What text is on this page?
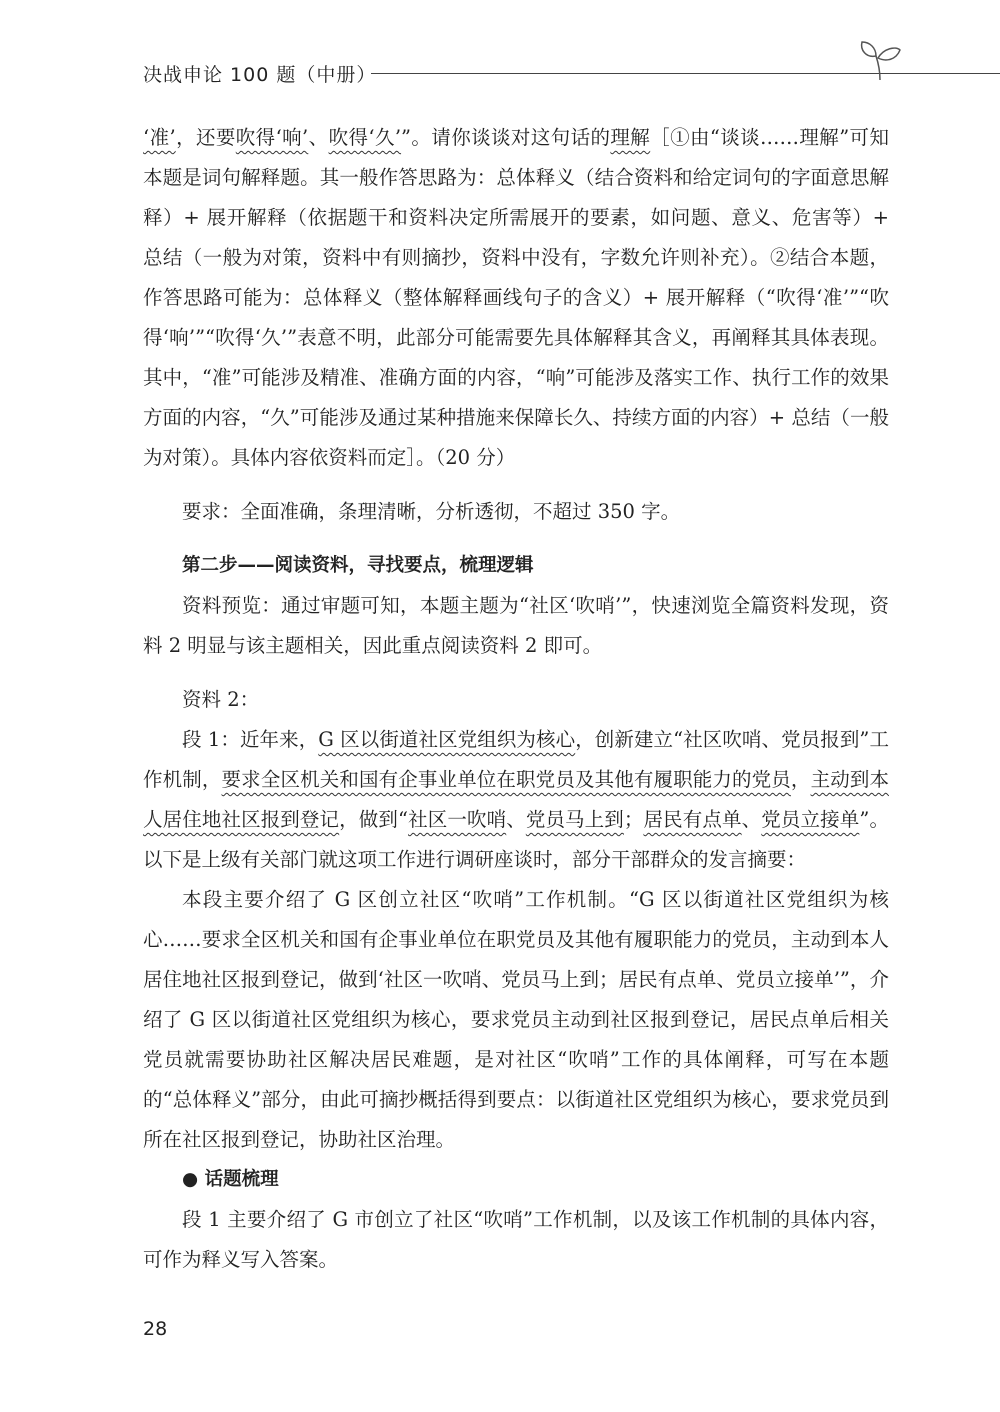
决战申论 100 题（中册）

‘准’，还要吹得‘响’、吹得‘久’”。请你谈谈对这句话的理解［①由“谈谈……理解”可知本题是词句解释题。其一般作答思路为：总体释义（结合资料和给定词句的字面意思解释）+ 展开解释（依据题干和资料决定所需展开的要素，如问题、意义、危害等）+ 总结（一般为对策，资料中有则摘抄，资料中没有，字数允许则补充）。②结合本题，作答思路可能为：总体释义（整体解释画线句子的含义）+ 展开解释（“吹得‘准’”“吹得‘响’”“吹得‘久’”表意不明，此部分可能需要先具体解释其含义，再阐释其具体表现。其中，“准”可能涉及精准、准确方面的内容，“响”可能涉及落实工作、执行工作的效果方面的内容，“久”可能涉及通过某种措施来保障长久、持续方面的内容）+ 总结（一般为对策）。具体内容依资料而定］。（20 分）

要求：全面准确，条理清晰，分析透彻，不超过 350 字。

第二步——阅读资料，寻找要点，梳理逻辑

资料预览：通过审题可知，本题主题为“社区‘吹哨’”，快速浏览全篇资料发现，资料 2 明显与该主题相关，因此重点阅读资料 2 即可。

资料 2：

段 1：近年来，G 区以街道社区党组织为核心，创新建立“社区吹哨、党员报到”工作机制，要求全区机关和国有企事业单位在职党员及其他有履职能力的党员，主动到本人居住地社区报到登记，做到“社区一吹哨、党员马上到；居民有点单、党员立接单”。以下是上级有关部门就这项工作进行调研座谈时，部分干部群众的发言摘要：

本段主要介绍了 G 区创立社区“吹哨”工作机制。“G 区以街道社区党组织为核心……要求全区机关和国有企事业单位在职党员及其他有履职能力的党员，主动到本人居住地社区报到登记，做到‘社区一吹哨、党员马上到；居民有点单、党员立接单’”，介绍了 G 区以街道社区党组织为核心，要求党员主动到社区报到登记，居民点单后相关党员就需要协助社区解决居民难题，是对社区“吹哨”工作的具体阐释，可写在本题的“总体释义”部分，由此可摘抄概括得到要点：以街道社区党组织为核心，要求党员到所在社区报到登记，协助社区治理。

● 话题梳理

段 1 主要介绍了 G 市创立了社区“吹哨”工作机制，以及该工作机制的具体内容，可作为释义写入答案。

28
